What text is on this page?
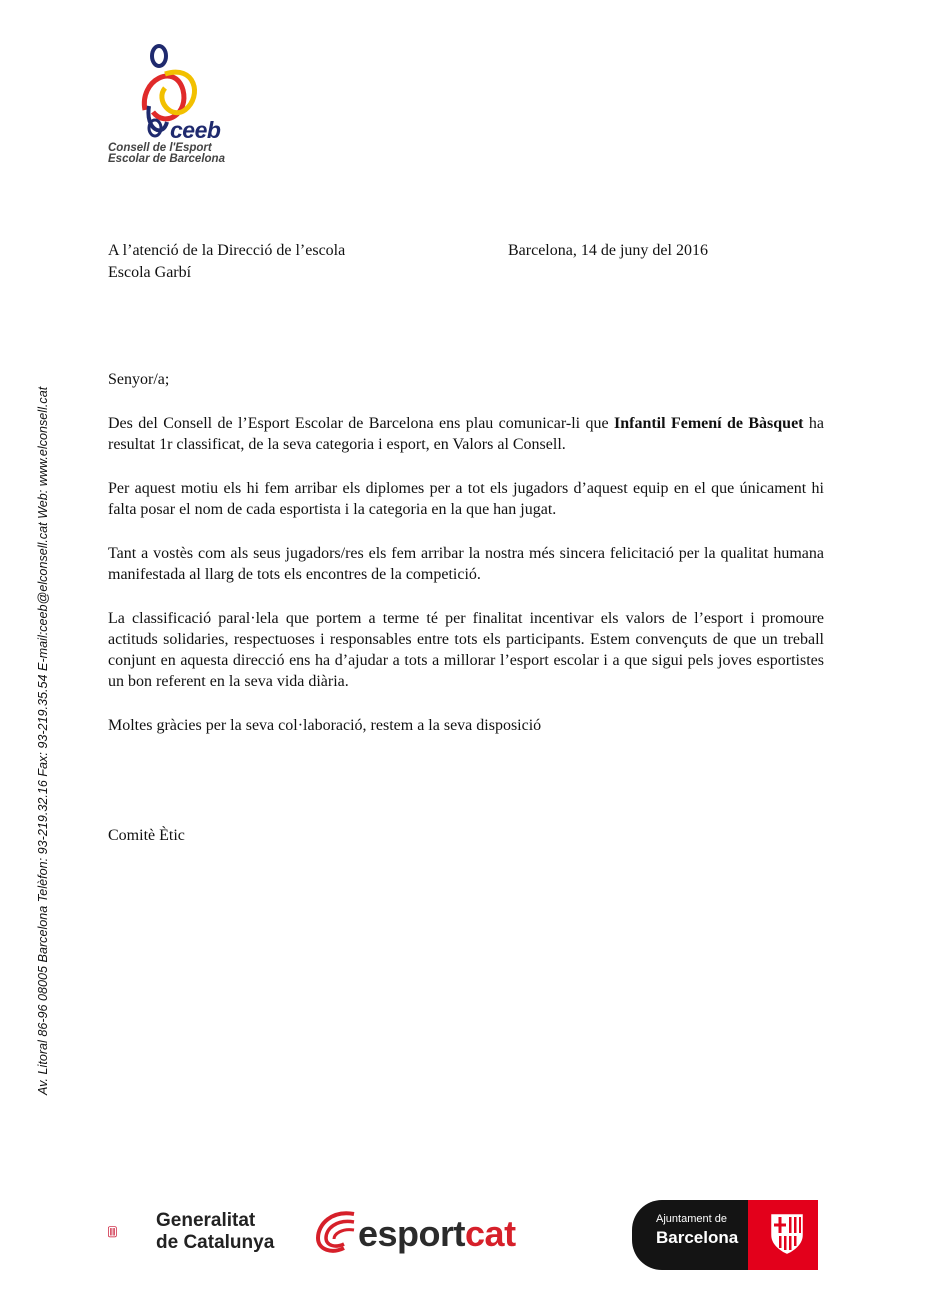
ceeb
Consell de l'Esport
Escolar de Barcelona
Av. Litoral 86-96 08005 Barcelona Telèfon: 93-219.32.16 Fax: 93-219.35.54 E-mail:ceeb@elconsell.cat Web: www.elconsell.cat
A l’atenció de la Direcció de l’escola
Escola Garbí
Barcelona, 14 de juny del 2016

Senyor/a;

Des del Consell de l’Esport Escolar de Barcelona ens plau comunicar-li que Infantil Femení de Bàsquet ha resultat 1r classificat, de la seva categoria i esport, en Valors al Consell.

Per aquest motiu els hi fem arribar els diplomes per a tot els jugadors d’aquest equip en el que únicament hi falta posar el nom de cada esportista i la categoria en la que han jugat.

Tant a vostès com als seus jugadors/res els fem arribar la nostra més sincera felicitació per la qualitat humana manifestada al llarg de tots els encontres de la competició.

La classificació paral·lela que portem a terme té per finalitat incentivar els valors de l’esport i promoure actituds solidaries, respectuoses i responsables entre tots els participants. Estem convençuts de que un treball conjunt en aquesta direcció ens ha d’ajudar a tots a millorar l’esport escolar i a que sigui pels joves esportistes un bon referent en la seva vida diària.

Moltes gràcies per la seva col·laboració, restem a la seva disposició

Comitè Ètic
Generalitat
de Catalunya esportcat	Ajuntament de
Barcelona
